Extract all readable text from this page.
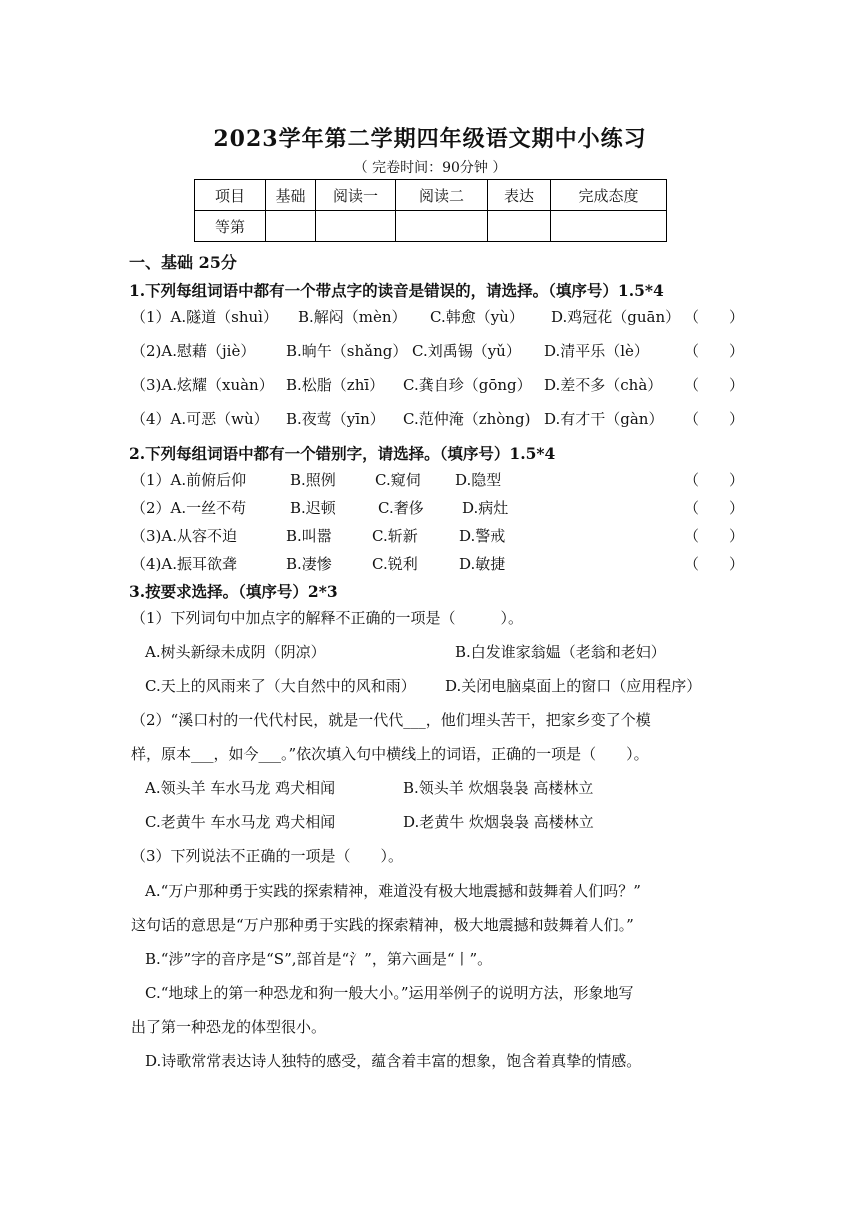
2023学年第二学期四年级语文期中小练习
（ 完卷时间：90分钟 ）
项目	基础	阅读一	阅读二	表达	完成态度
等第					
一、基础 25分
1.下列每组词语中都有一个带点字的读音是错误的，请选择。（填序号）1.5*4
（1）A.隧道（shuì） B.解闷（mèn） C.韩愈（yù） D.鸡冠花（guān） （　　）
（2)A.慰藉（jiè） B.晌午（shǎng） C.刘禹锡（yǔ） D.清平乐（lè） （　　）
（3)A.炫耀（xuàn） B.松脂（zhī） C.龚自珍（gōng） D.差不多（chà） （　　）
（4）A.可恶（wù） B.夜莺（yīn） C.范仲淹（zhòng) D.有才干（gàn） （　　）
2.下列每组词语中都有一个错别字，请选择。（填序号）1.5*4
（1）A.前俯后仰	B.照例	C.窥伺 D.隐型	（　　）
（2）A.一丝不苟	B.迟顿	C.奢侈	D.病灶	（　　）
（3)A.从容不迫	B.叫嚣	C.斩新	D.警戒	（　　）
（4)A.振耳欲聋	B.凄惨	C.锐利	D.敏捷	（　　）
3.按要求选择。（填序号）2*3
（1）下列词句中加点字的解释不正确的一项是（　　　）。
A.树头新绿未成阴（阴凉）	B.白发谁家翁媪（老翁和老妇）
C.天上的风雨来了（大自然中的风和雨） D.关闭电脑桌面上的窗口（应用程序）
（2）“溪口村的一代代村民，就是一代代___，他们埋头苦干，把家乡变了个模
样，原本___，如今___。”依次填入句中横线上的词语，正确的一项是（　　）。
A.领头羊 车水马龙 鸡犬相闻	B.领头羊 炊烟袅袅 高楼林立
C.老黄牛 车水马龙 鸡犬相闻	D.老黄牛 炊烟袅袅 高楼林立
（3）下列说法不正确的一项是（　　）。
A.“万户那种勇于实践的探索精神，难道没有极大地震撼和鼓舞着人们吗？”
这句话的意思是“万户那种勇于实践的探索精神，极大地震撼和鼓舞着人们。”
B.“涉”字的音序是“S”,部首是“氵”，第六画是“丨”。
C.“地球上的第一种恐龙和狗一般大小。”运用举例子的说明方法，形象地写
出了第一种恐龙的体型很小。
D.诗歌常常表达诗人独特的感受，蕴含着丰富的想象，饱含着真挚的情感。
